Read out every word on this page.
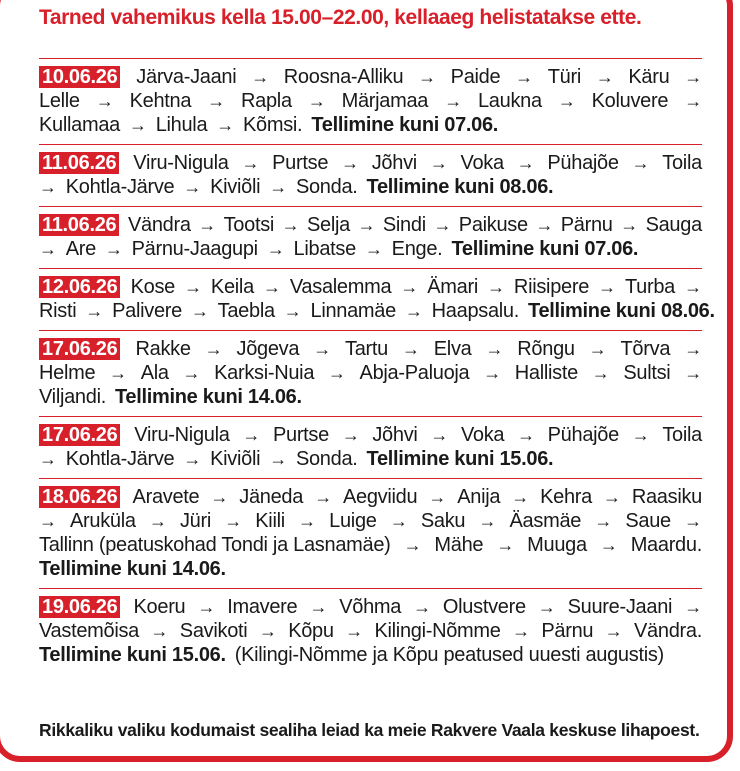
Tarned vahemikus kella 15.00–22.00, kellaaeg helistatakse ette.
10.06.26 Järva-Jaani → Roosna-Alliku → Paide → Türi → Käru →
Lelle → Kehtna → Rapla → Märjamaa → Laukna → Koluvere →
Kullamaa → Lihula → Kõmsi. Tellimine kuni 07.06.
11.06.26 Viru-Nigula → Purtse → Jõhvi → Voka → Pühajõe → Toila
→ Kohtla-Järve → Kiviõli → Sonda. Tellimine kuni 08.06.
11.06.26 Vändra → Tootsi → Selja → Sindi → Paikuse → Pärnu → Sauga
→ Are → Pärnu-Jaagupi → Libatse → Enge. Tellimine kuni 07.06.
12.06.26 Kose → Keila → Vasalemma → Ämari → Riisipere → Turba →
Risti → Palivere → Taebla → Linnamäe → Haapsalu. Tellimine kuni 08.06.
17.06.26 Rakke → Jõgeva → Tartu → Elva → Rõngu → Tõrva →
Helme → Ala → Karksi-Nuia → Abja-Paluoja → Halliste → Sultsi →
Viljandi. Tellimine kuni 14.06.
17.06.26 Viru-Nigula → Purtse → Jõhvi → Voka → Pühajõe → Toila
→ Kohtla-Järve → Kiviõli → Sonda. Tellimine kuni 15.06.
18.06.26 Aravete → Jäneda → Aegviidu → Anija → Kehra → Raasiku
→ Aruküla → Jüri → Kiili → Luige → Saku → Äasmäe → Saue →
Tallinn (peatuskohad Tondi ja Lasnamäe) → Mähe → Muuga → Maardu.
Tellimine kuni 14.06.
19.06.26 Koeru → Imavere → Võhma → Olustvere → Suure-Jaani →
Vastemõisa → Savikoti → Kõpu → Kilingi-Nõmme → Pärnu → Vändra.
Tellimine kuni 15.06. (Kilingi-Nõmme ja Kõpu peatused uuesti augustis)
Rikkaliku valiku kodumaist sealiha leiad ka meie Rakvere Vaala keskuse lihapoest.
